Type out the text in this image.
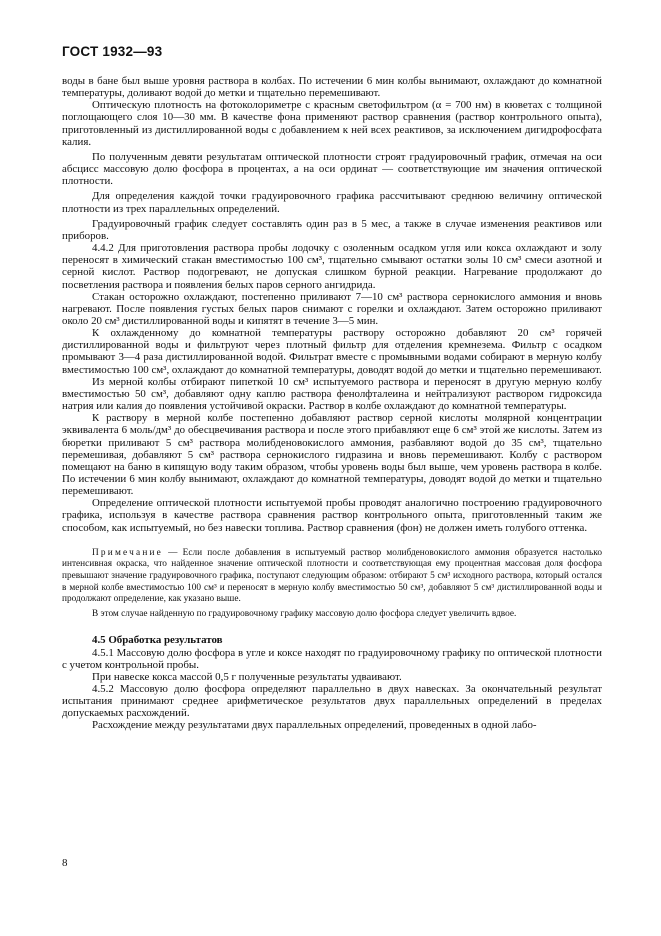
ГОСТ 1932—93

воды в бане был выше уровня раствора в колбах. По истечении 6 мин колбы вынимают, охлаждают до комнатной температуры, доливают водой до метки и тщательно перемешивают.

Оптическую плотность на фотоколориметре с красным светофильтром (α = 700 нм) в кюветах с толщиной поглощающего слоя 10—30 мм. В качестве фона применяют раствор сравнения (раствор контрольного опыта), приготовленный из дистиллированной воды с добавлением к ней всех реактивов, за исключением дигидрофосфата калия.

По полученным девяти результатам оптической плотности строят градуировочный график, отмечая на оси абсцисс массовую долю фосфора в процентах, а на оси ординат — соответствующие им значения оптической плотности.

Для определения каждой точки градуировочного графика рассчитывают среднюю величину оптической плотности из трех параллельных определений.

Градуировочный график следует составлять один раз в 5 мес, а также в случае изменения реактивов или приборов.

4.4.2 Для приготовления раствора пробы лодочку с озоленным осадком угля или кокса охлаждают и золу переносят в химический стакан вместимостью 100 см³, тщательно смывают остатки золы 10 см³ смеси азотной и серной кислот. Раствор подогревают, не допуская слишком бурной реакции. Нагревание продолжают до посветления раствора и появления белых паров серного ангидрида.

Стакан осторожно охлаждают, постепенно приливают 7—10 см³ раствора сернокислого аммония и вновь нагревают. После появления густых белых паров снимают с горелки и охлаждают. Затем осторожно приливают около 20 см³ дистиллированной воды и кипятят в течение 3—5 мин.

К охлажденному до комнатной температуры раствору осторожно добавляют 20 см³ горячей дистиллированной воды и фильтруют через плотный фильтр для отделения кремнезема. Фильтр с осадком промывают 3—4 раза дистиллированной водой. Фильтрат вместе с промывными водами собирают в мерную колбу вместимостью 100 см³, охлаждают до комнатной температуры, доводят водой до метки и тщательно перемешивают.

Из мерной колбы отбирают пипеткой 10 см³ испытуемого раствора и переносят в другую мерную колбу вместимостью 50 см³, добавляют одну каплю раствора фенолфталеина и нейтрализуют раствором гидроксида натрия или калия до появления устойчивой окраски. Раствор в колбе охлаждают до комнатной температуры.

К раствору в мерной колбе постепенно добавляют раствор серной кислоты молярной концентрации эквивалента 6 моль/дм³ до обесцвечивания раствора и после этого прибавляют еще 6 см³ этой же кислоты. Затем из бюретки приливают 5 см³ раствора молибденовокислого аммония, разбавляют водой до 35 см³, тщательно перемешивая, добавляют 5 см³ раствора сернокислого гидразина и вновь перемешивают. Колбу с раствором помещают на баню в кипящую воду таким образом, чтобы уровень воды был выше, чем уровень раствора в колбе. По истечении 6 мин колбу вынимают, охлаждают до комнатной температуры, доводят водой до метки и тщательно перемешивают.

Определение оптической плотности испытуемой пробы проводят аналогично построению градуировочного графика, используя в качестве раствора сравнения раствор контрольного опыта, приготовленный таким же способом, как испытуемый, но без навески топлива. Раствор сравнения (фон) не должен иметь голубого оттенка.

Примечание — Если после добавления в испытуемый раствор молибденовокислого аммония образуется настолько интенсивная окраска, что найденное значение оптической плотности и соответствующая ему процентная массовая доля фосфора превышают значение градуировочного графика, поступают следующим образом: отбирают 5 см³ исходного раствора, который остался в мерной колбе вместимостью 100 см³ и переносят в мерную колбу вместимостью 50 см³, добавляют 5 см³ дистиллированной воды и продолжают определение, как указано выше.

В этом случае найденную по градуировочному графику массовую долю фосфора следует увеличить вдвое.

4.5 Обработка результатов

4.5.1 Массовую долю фосфора в угле и коксе находят по градуировочному графику по оптической плотности с учетом контрольной пробы.

При навеске кокса массой 0,5 г полученные результаты удваивают.

4.5.2 Массовую долю фосфора определяют параллельно в двух навесках. За окончательный результат испытания принимают среднее арифметическое результатов двух параллельных определений в пределах допускаемых расхождений.

Расхождение между результатами двух параллельных определений, проведенных в одной лабо-

8
